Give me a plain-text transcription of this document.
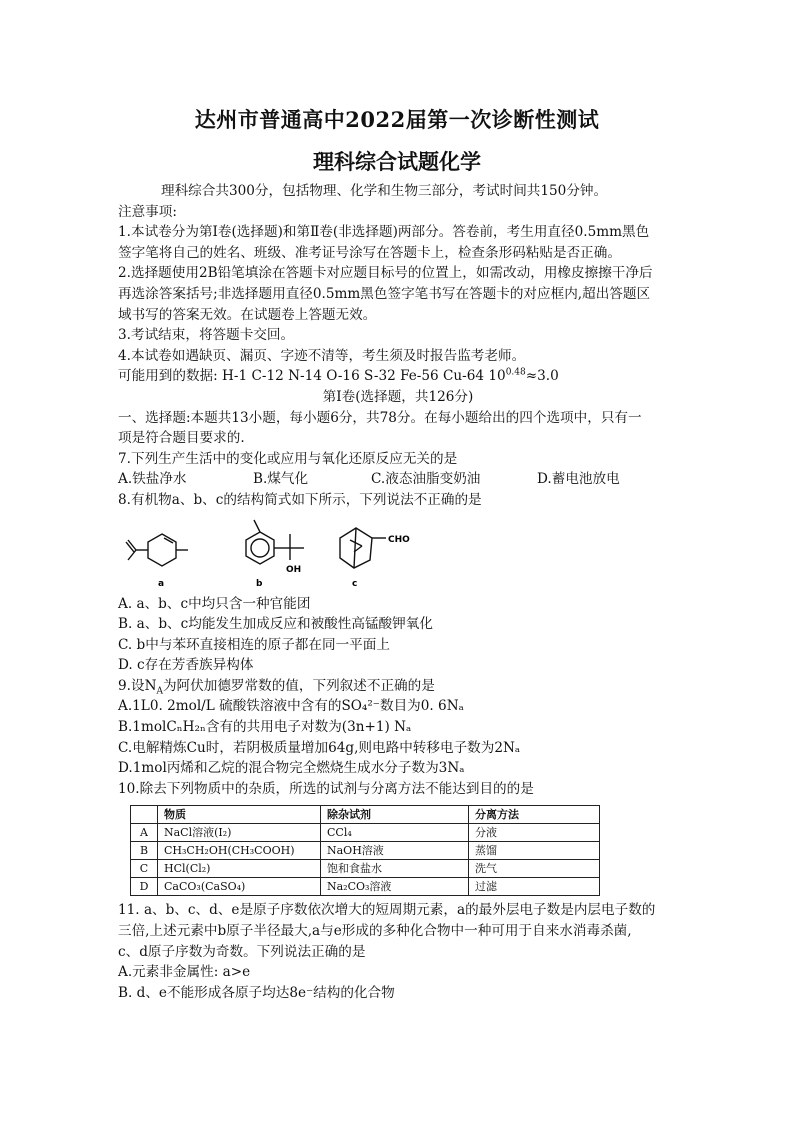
达州市普通高中2022届第一次诊断性测试
理科综合试题化学
理科综合共300分，包括物理、化学和生物三部分，考试时间共150分钟。
注意事项:
1.本试卷分为第Ⅰ卷(选择题)和第Ⅱ卷(非选择题)两部分。答卷前，考生用直径0.5mm黑色
签字笔将自己的姓名、班级、准考证号涂写在答题卡上，检查条形码粘贴是否正确。
2.选择题使用2B铅笔填涂在答题卡对应题目标号的位置上，如需改动，用橡皮擦擦干净后
再选涂答案括号;非选择题用直径0.5mm黑色签字笔书写在答题卡的对应框内,超出答题区
域书写的答案无效。在试题卷上答题无效。
3.考试结束，将答题卡交回。
4.本试卷如遇缺页、漏页、字迹不清等，考生须及时报告监考老师。
可能用到的数据: H-1 C-12 N-14 O-16 S-32 Fe-56 Cu-64 $10^{0.48}\approx 3.0$
第Ⅰ卷(选择题，共126分)
一、选择题:本题共13小题，每小题6分，共78分。在每小题给出的四个选项中，只有一
项是符合题目要求的.
7.下列生产生活中的变化或应用与氧化还原反应无关的是
A.铁盐净水	B.煤气化	C.液态油脂变奶油	D.蓄电池放电
8.有机物a、b、c的结构简式如下所示，下列说法不正确的是
a	b
OH
c
CHO
A. a、b、c中均只含一种官能团
B. a、b、c均能发生加成反应和被酸性高锰酸钾氧化
C. b中与苯环直接相连的原子都在同一平面上
D. c存在芳香族异构体
9.设$N_A$为阿伏加德罗常数的值，下列叙述不正确的是
A.1L0. 2mol/L 硫酸铁溶液中含有的SO₄²⁻数目为0. 6Nₐ
B.1molCₙH₂ₙ含有的共用电子对数为(3n+1) Nₐ
C.电解精炼Cu时，若阴极质量增加64g,则电路中转移电子数为2Nₐ
D.1mol丙烯和乙烷的混合物完全燃烧生成水分子数为3Nₐ
10.除去下列物质中的杂质，所选的试剂与分离方法不能达到目的的是
	物质	除杂试剂	分离方法
A	NaCl溶液(I₂)	CCl₄	分液
B	CH₃CH₂OH(CH₃COOH)	NaOH溶液	蒸馏
C	HCl(Cl₂)	饱和食盐水	洗气
D	CaCO₃(CaSO₄)	Na₂CO₃溶液	过滤
11. a、b、c、d、e是原子序数依次增大的短周期元素，a的最外层电子数是内层电子数的
三倍,上述元素中b原子半径最大,a与e形成的多种化合物中一种可用于自来水消毒杀菌,
c、d原子序数为奇数。下列说法正确的是
A.元素非金属性: a>e
B. d、e不能形成各原子均达8e⁻结构的化合物
